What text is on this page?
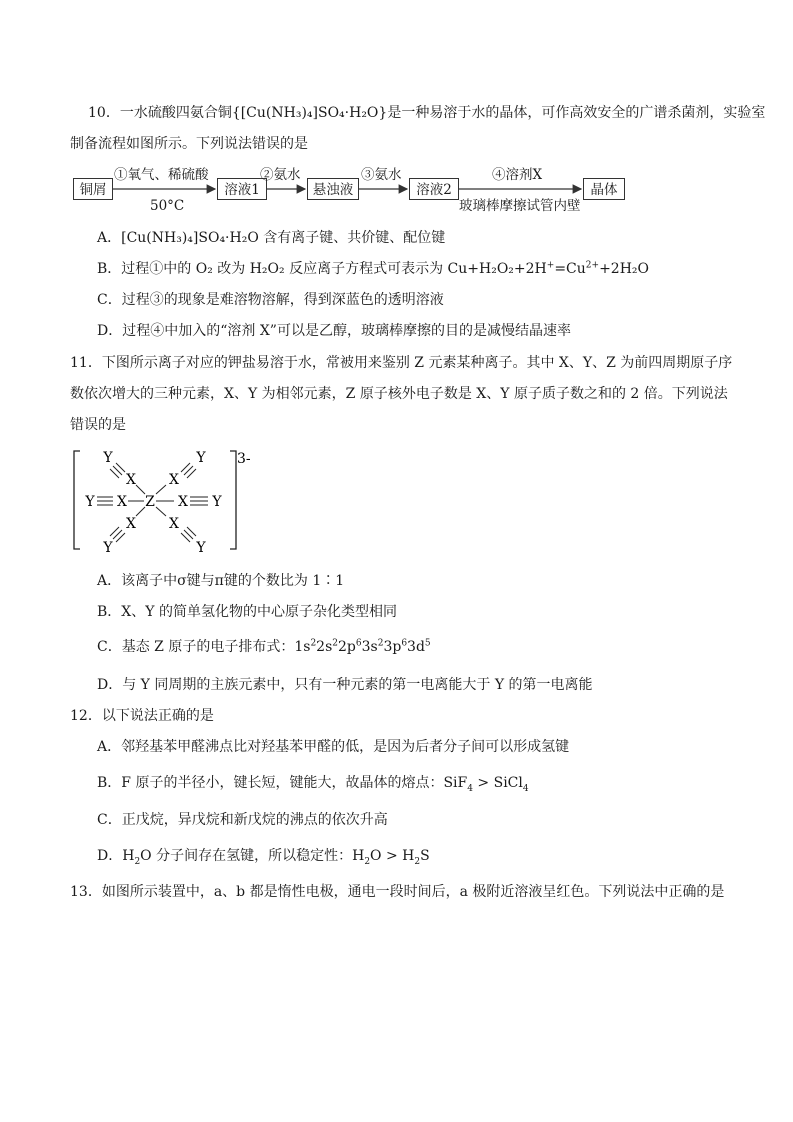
10．一水硫酸四氨合铜{[Cu(NH₃)₄]SO₄·H₂O}是一种易溶于水的晶体，可作高效安全的广谱杀菌剂，实验室
制备流程如图所示。下列说法错误的是
铜屑	溶液1	悬浊液	溶液2	晶体
①氧气、稀硫酸
50°C
②氨水	③氨水	④溶剂X
玻璃棒摩擦试管内壁
A．[Cu(NH₃)₄]SO₄·H₂O 含有离子键、共价键、配位键
B．过程①中的 O₂ 改为 H₂O₂ 反应离子方程式可表示为 $Cu+H_2O_2+2H^+=Cu^{2+}+2H_2O$
C．过程③的现象是难溶物溶解，得到深蓝色的透明溶液
D．过程④中加入的“溶剂 X”可以是乙醇，玻璃棒摩擦的目的是减慢结晶速率
11．下图所示离子对应的钾盐易溶于水，常被用来鉴别 Z 元素某种离子。其中 X、Y、Z 为前四周期原子序
数依次增大的三种元素，X、Y 为相邻元素，Z 原子核外电子数是 X、Y 原子质子数之和的 2 倍。下列说法
错误的是
3-
Z
Y X	X Y
X
Y
X
Y
X
Y
X
Y
A．该离子中σ键与π键的个数比为 1∶1
B．X、Y 的简单氢化物的中心原子杂化类型相同
C．基态 Z 原子的电子排布式：$1s^22s^22p^63s^23p^63d^5$
D．与 Y 同周期的主族元素中，只有一种元素的第一电离能大于 Y 的第一电离能
12．以下说法正确的是
A．邻羟基苯甲醛沸点比对羟基苯甲醛的低，是因为后者分子间可以形成氢键
B．F 原子的半径小，键长短，键能大，故晶体的熔点：SiF$_4$ > SiCl$_4$
C．正戊烷，异戊烷和新戊烷的沸点的依次升高
D．$H_2O$ 分子间存在氢键，所以稳定性：$H_2O > H_2S$
13．如图所示装置中，a、b 都是惰性电极，通电一段时间后，a 极附近溶液呈红色。下列说法中正确的是
